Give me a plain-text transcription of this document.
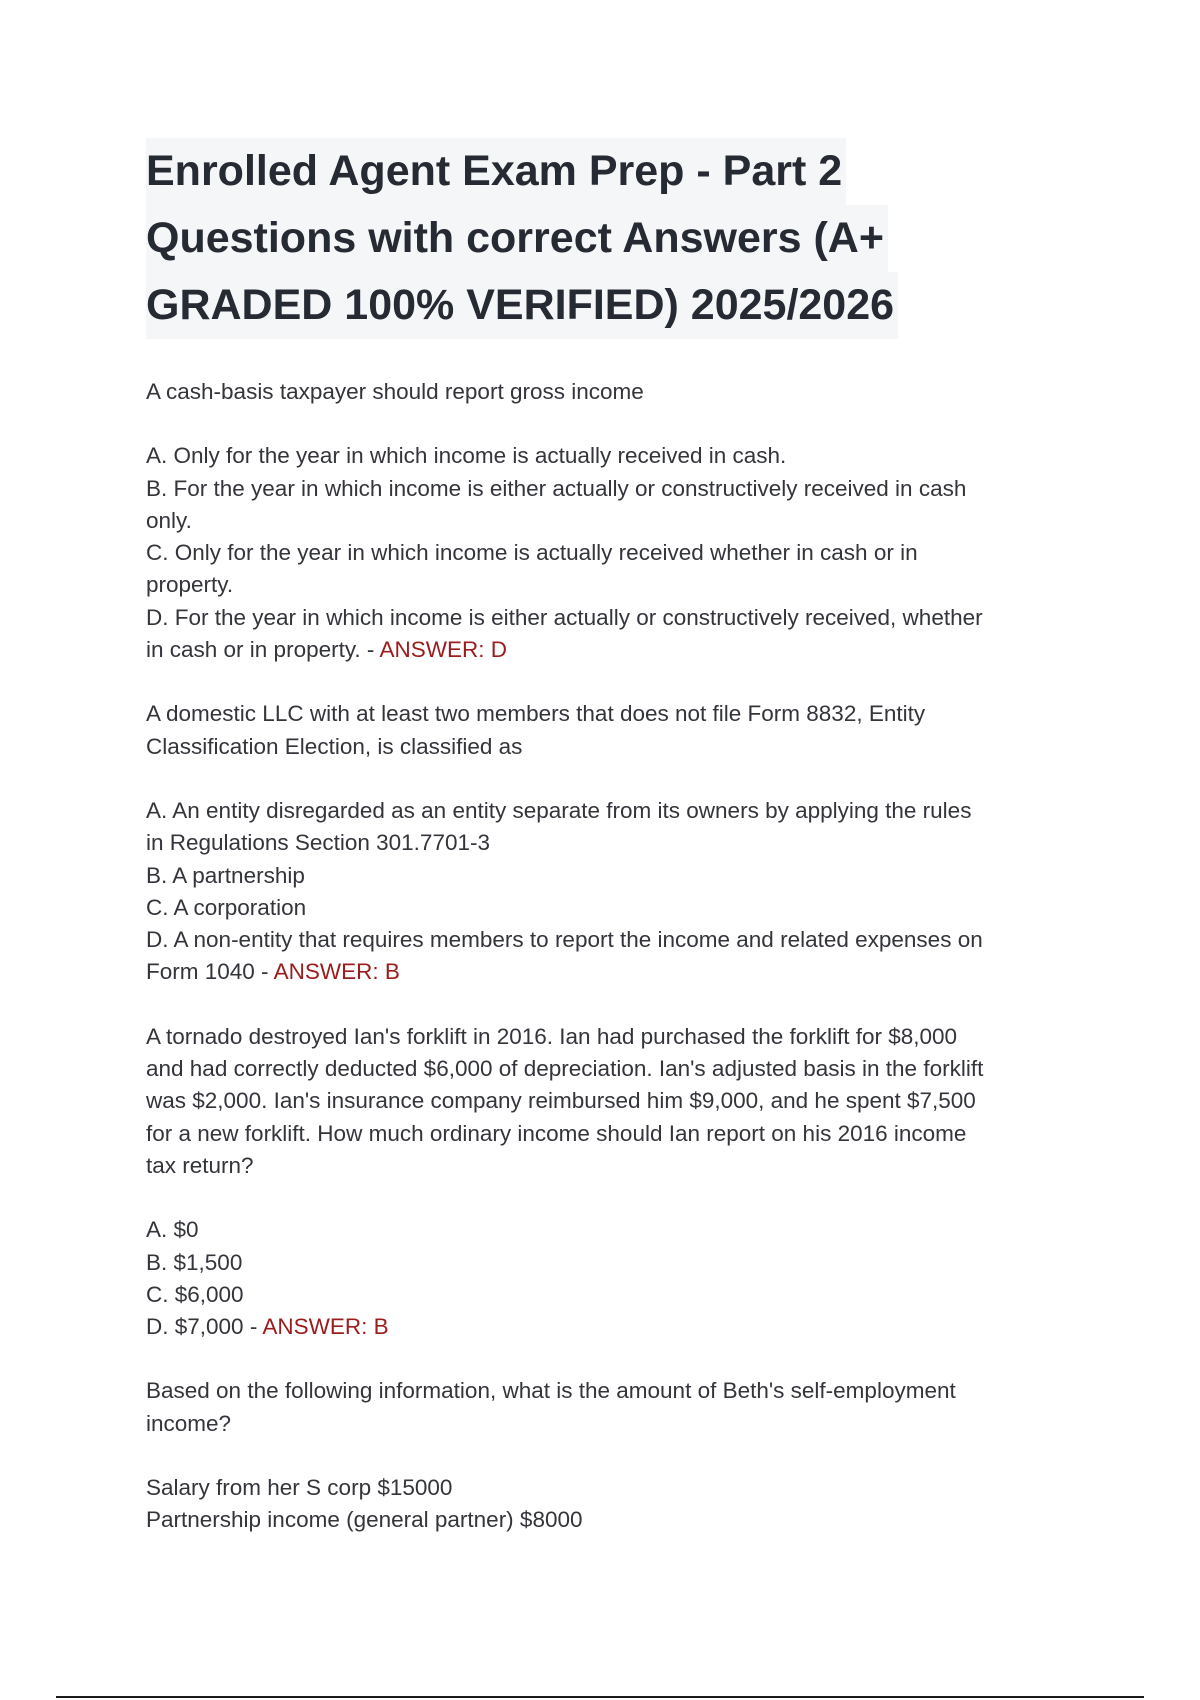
Enrolled Agent Exam Prep - Part 2
Questions with correct Answers (A+
GRADED 100% VERIFIED) 2025/2026
A cash-basis taxpayer should report gross income
A. Only for the year in which income is actually received in cash.
B. For the year in which income is either actually or constructively received in cash
only.
C. Only for the year in which income is actually received whether in cash or in
property.
D. For the year in which income is either actually or constructively received, whether
in cash or in property. - ANSWER: D
A domestic LLC with at least two members that does not file Form 8832, Entity
Classification Election, is classified as
A. An entity disregarded as an entity separate from its owners by applying the rules
in Regulations Section 301.7701-3
B. A partnership
C. A corporation
D. A non-entity that requires members to report the income and related expenses on
Form 1040 - ANSWER: B
A tornado destroyed Ian's forklift in 2016. Ian had purchased the forklift for $8,000
and had correctly deducted $6,000 of depreciation. Ian's adjusted basis in the forklift
was $2,000. Ian's insurance company reimbursed him $9,000, and he spent $7,500
for a new forklift. How much ordinary income should Ian report on his 2016 income
tax return?
A. $0
B. $1,500
C. $6,000
D. $7,000 - ANSWER: B
Based on the following information, what is the amount of Beth's self-employment
income?
Salary from her S corp $15000
Partnership income (general partner) $8000
